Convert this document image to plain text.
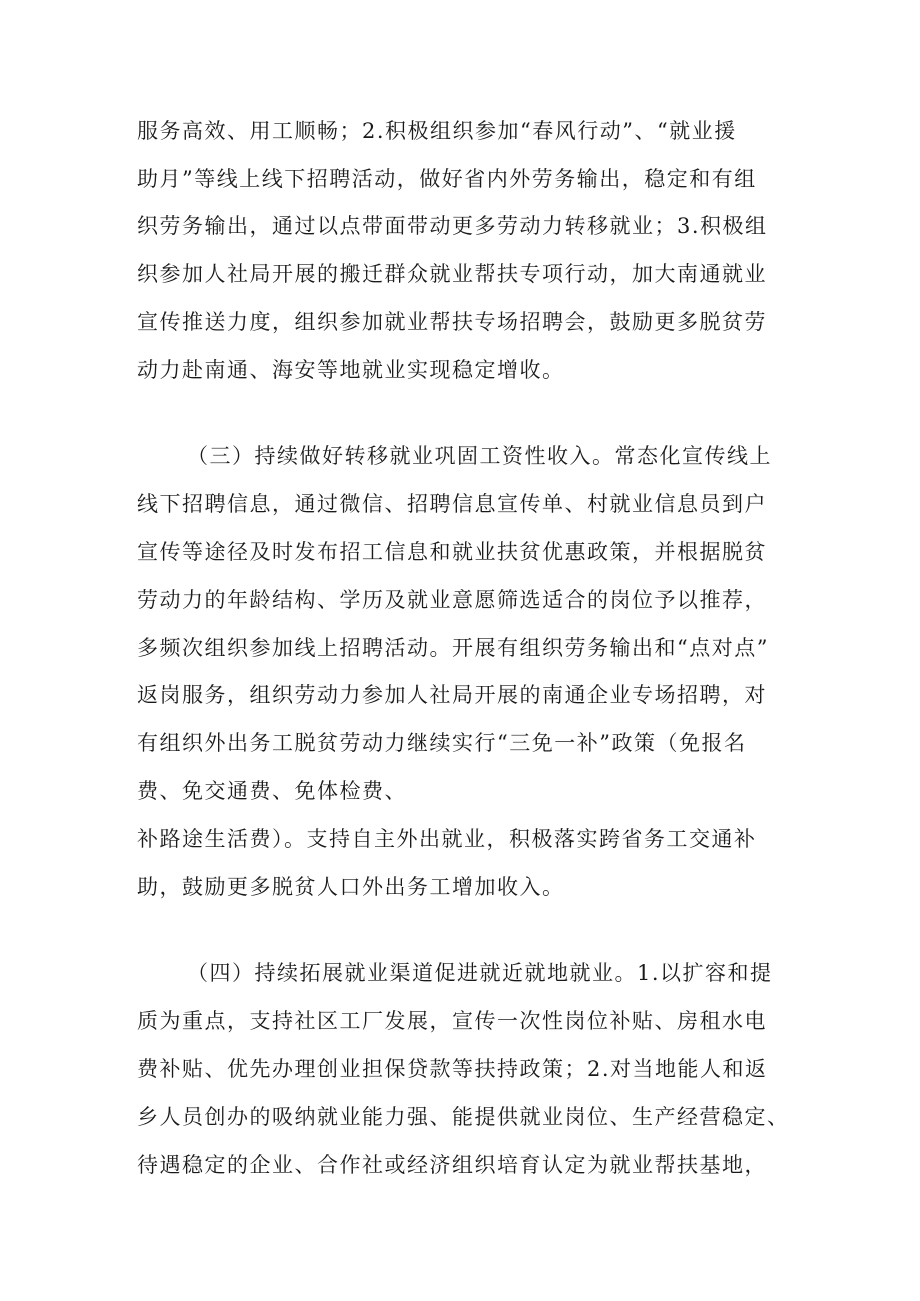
服务高效、用工顺畅；2.积极组织参加“春风行动”、“就业援
助月”等线上线下招聘活动，做好省内外劳务输出，稳定和有组
织劳务输出，通过以点带面带动更多劳动力转移就业；3.积极组
织参加人社局开展的搬迁群众就业帮扶专项行动，加大南通就业
宣传推送力度，组织参加就业帮扶专场招聘会，鼓励更多脱贫劳
动力赴南通、海安等地就业实现稳定增收。
（三）持续做好转移就业巩固工资性收入。常态化宣传线上
线下招聘信息，通过微信、招聘信息宣传单、村就业信息员到户
宣传等途径及时发布招工信息和就业扶贫优惠政策，并根据脱贫
劳动力的年龄结构、学历及就业意愿筛选适合的岗位予以推荐，
多频次组织参加线上招聘活动。开展有组织劳务输出和“点对点”
返岗服务，组织劳动力参加人社局开展的南通企业专场招聘，对
有组织外出务工脱贫劳动力继续实行“三免一补”政策（免报名
费、免交通费、免体检费、
补路途生活费）。支持自主外出就业，积极落实跨省务工交通补
助，鼓励更多脱贫人口外出务工增加收入。
（四）持续拓展就业渠道促进就近就地就业。1.以扩容和提
质为重点，支持社区工厂发展，宣传一次性岗位补贴、房租水电
费补贴、优先办理创业担保贷款等扶持政策；2.对当地能人和返
乡人员创办的吸纳就业能力强、能提供就业岗位、生产经营稳定、
待遇稳定的企业、合作社或经济组织培育认定为就业帮扶基地，
